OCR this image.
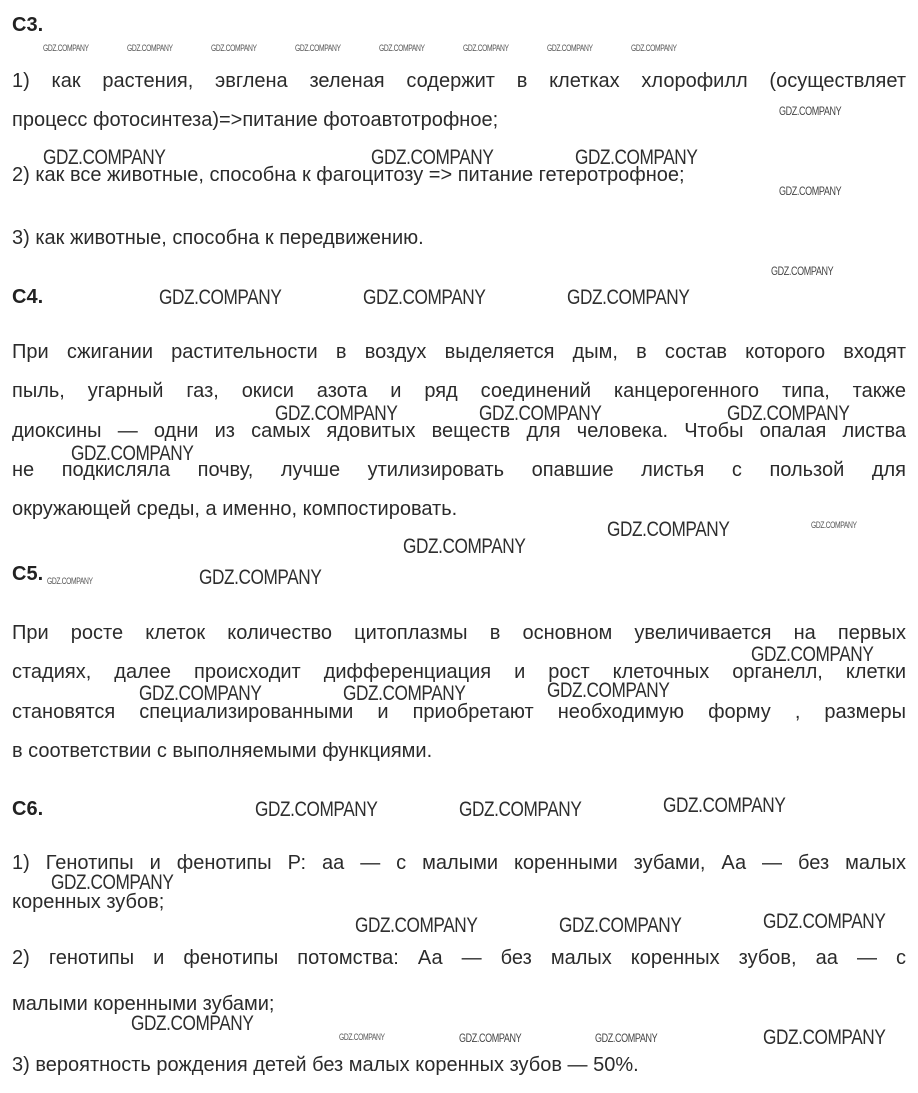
C3.
1) как растения, эвглена зеленая содержит в клетках хлорофилл (осуществляет
процесс фотосинтеза)=>питание фотоавтотрофное;
2) как все животные, способна к фагоцитозу => питание гетеротрофное;
3) как животные, способна к передвижению.
C4.
При сжигании растительности в воздух выделяется дым, в состав которого входят
пыль, угарный газ, окиси азота и ряд соединений канцерогенного типа, также
диоксины — одни из самых ядовитых веществ для человека. Чтобы опалая листва
не подкисляла почву, лучше утилизировать опавшие листья с пользой для
окружающей среды, а именно, компостировать.
C5.
При росте клеток количество цитоплазмы в основном увеличивается на первых
стадиях, далее происходит дифференциация и рост клеточных органелл, клетки
становятся специализированными и приобретают необходимую форму , размеры
в соответствии с выполняемыми функциями.
C6.
1) Генотипы и фенотипы Р: аа — с малыми коренными зубами, Аа — без малых
коренных зубов;
2) генотипы и фенотипы потомства: Аа — без малых коренных зубов, аа — с
малыми коренными зубами;
3) вероятность рождения детей без малых коренных зубов — 50%.
GDZ.COMPANY	GDZ.COMPANY	GDZ.COMPANY	GDZ.COMPANY	GDZ.COMPANY	GDZ.COMPANY	GDZ.COMPANY	GDZ.COMPANY
GDZ.COMPANY
GDZ.COMPANY	GDZ.COMPANY	GDZ.COMPANY
GDZ.COMPANY
GDZ.COMPANY
GDZ.COMPANY	GDZ.COMPANY	GDZ.COMPANY
GDZ.COMPANY	GDZ.COMPANY	GDZ.COMPANY
GDZ.COMPANY
GDZ.COMPANY	GDZ.COMPANY
GDZ.COMPANY
GDZ.COMPANY	GDZ.COMPANY
GDZ.COMPANY
GDZ.COMPANY
GDZ.COMPANY	GDZ.COMPANY
GDZ.COMPANY	GDZ.COMPANY	GDZ.COMPANY
GDZ.COMPANY
GDZ.COMPANY	GDZ.COMPANY	GDZ.COMPANY
GDZ.COMPANY
GDZ.COMPANY	GDZ.COMPANY	GDZ.COMPANY	GDZ.COMPANY
